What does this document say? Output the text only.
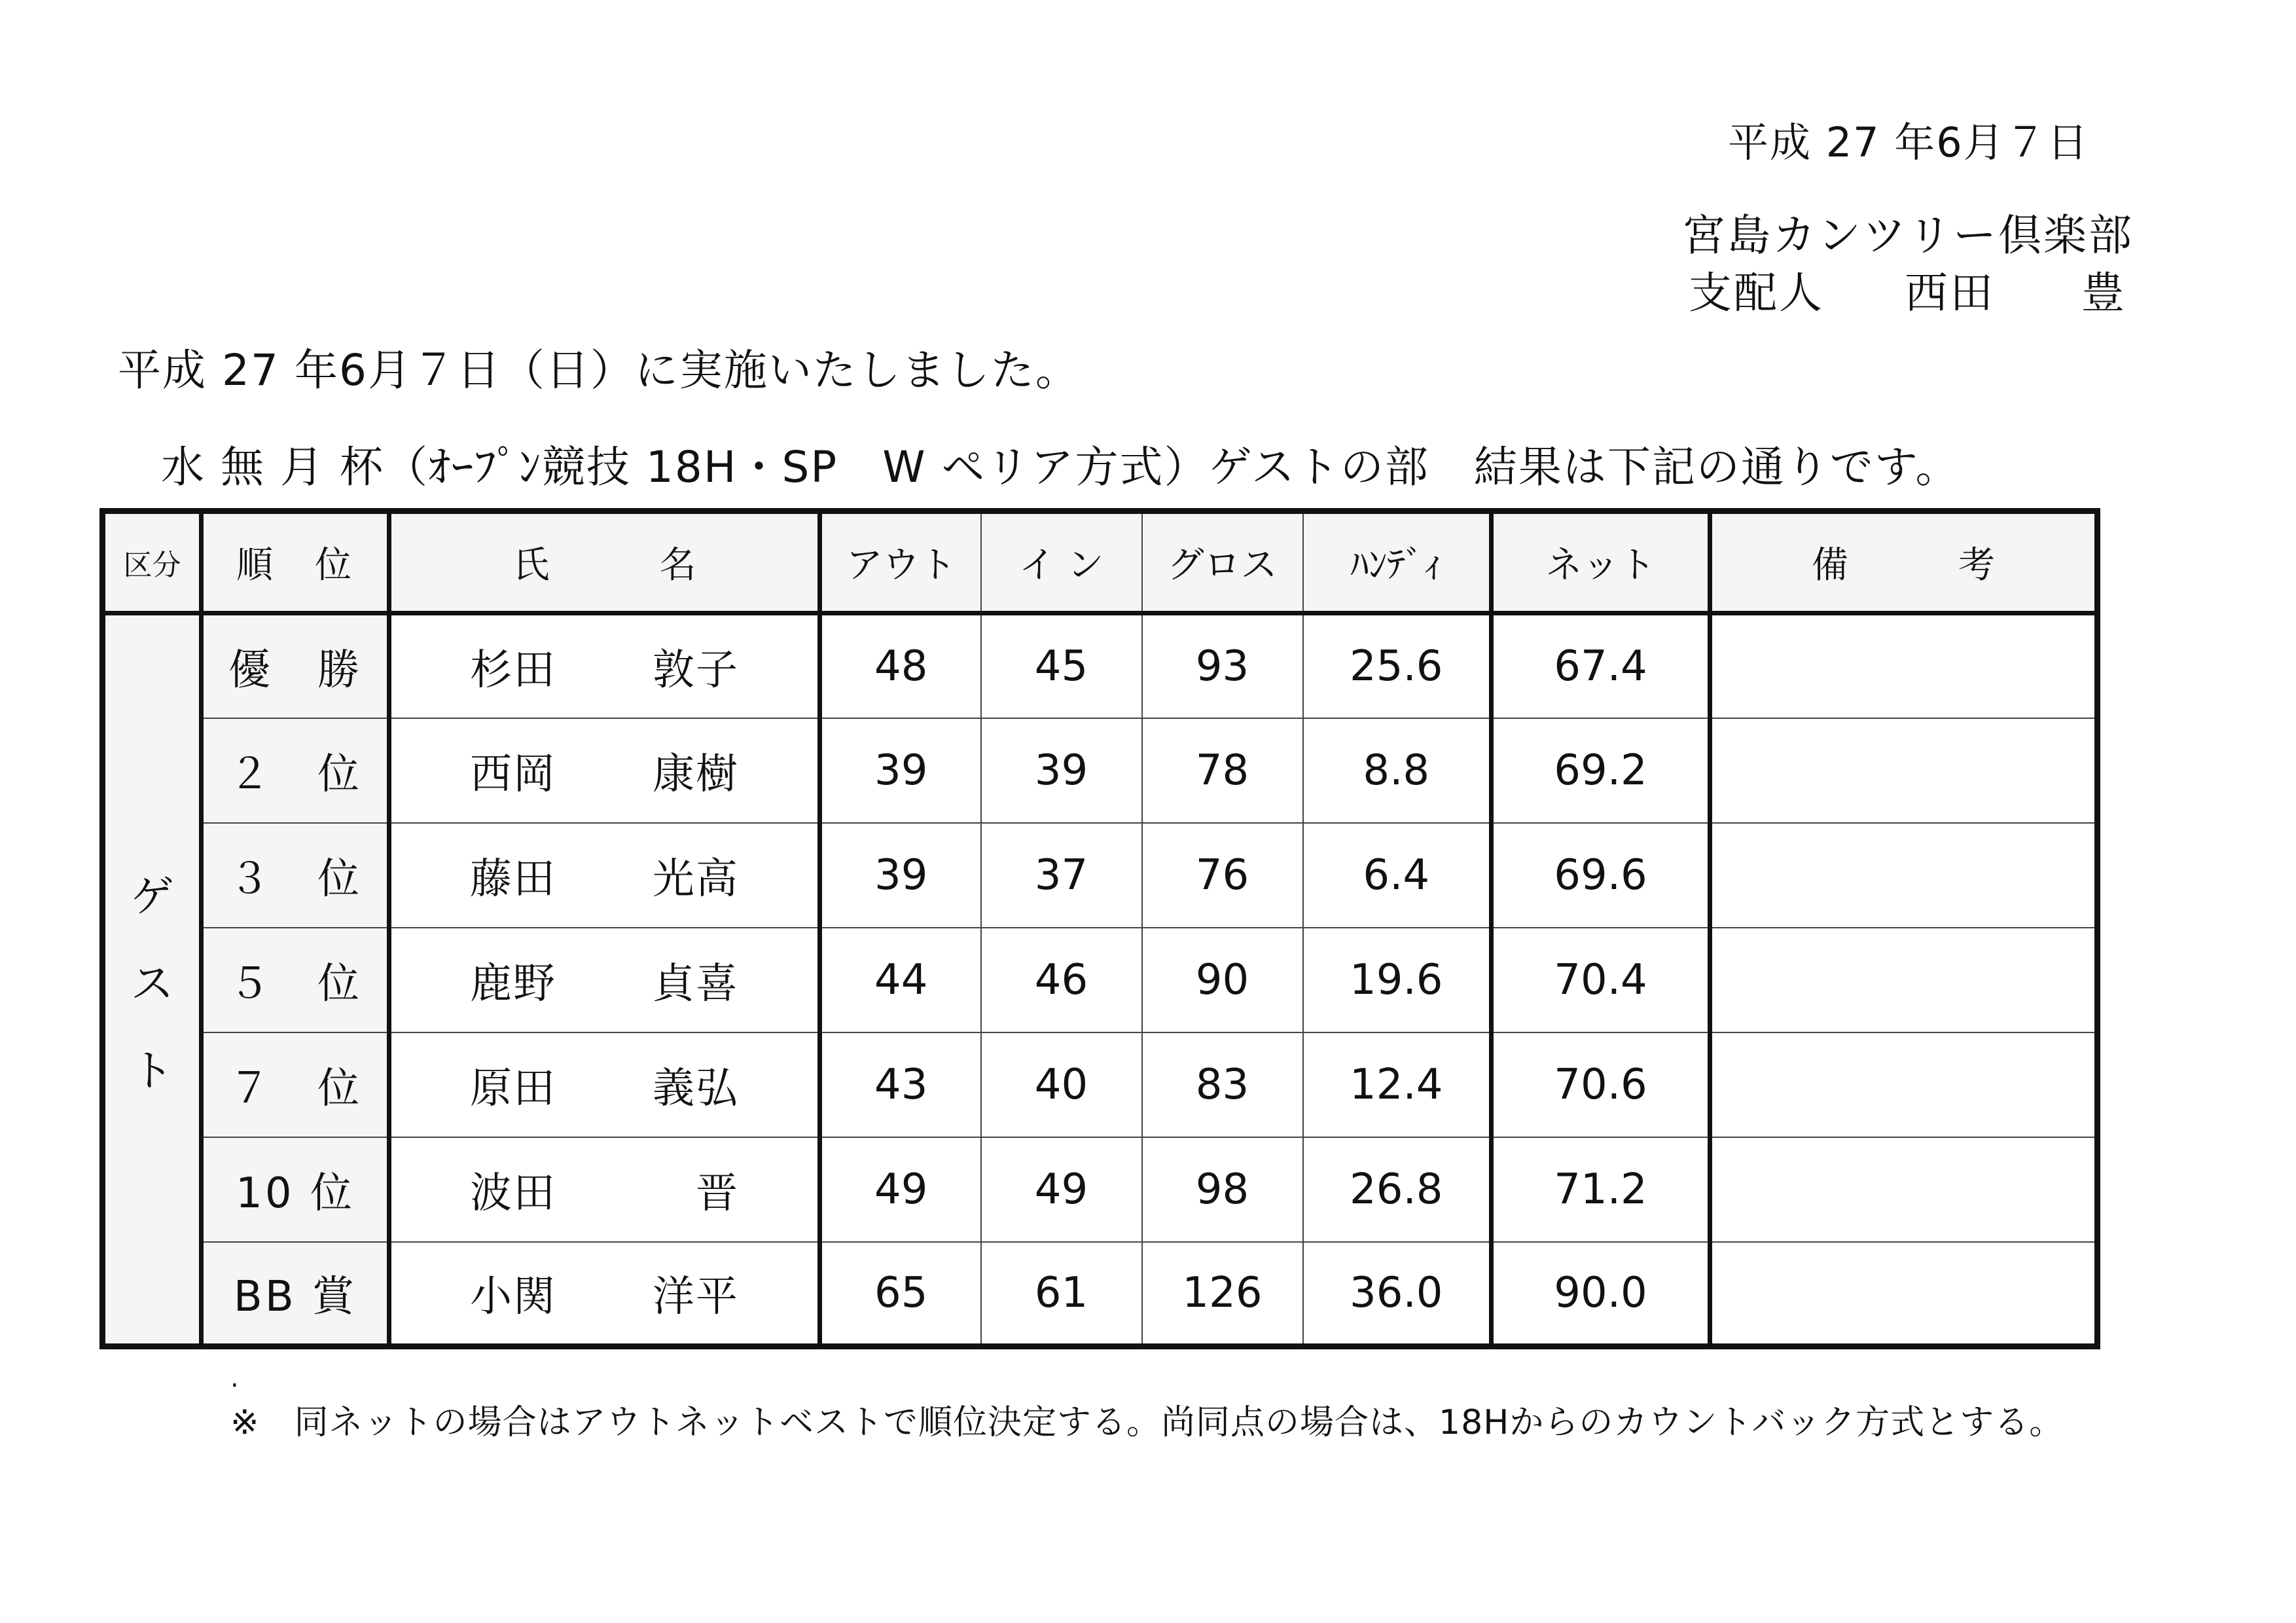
平成 27 年6月７日
宮島カンツリー倶楽部
支配人	西田	豊
平成 27 年6月７日（日）に実施いたしました。
水 無 月 杯（ｵｰﾌﾟﾝ競技 18H・SP　W ペリア方式）ゲストの部　結果は下記の通りです。
区分	順　位	氏　　　名	アウト	イ ン	グロス	ﾊﾝﾃﾞｨ	ネット	備　　　考

ゲ
ス
ト	優　勝	杉田 敦子	48	45	93	25.6	67.4	
	２　位	西岡 康樹	39	39	78	8.8	69.2	
	３　位	藤田 光高	39	37	76	6.4	69.6	
	５　位	鹿野 貞喜	44	46	90	19.6	70.4	
	７　位	原田 義弘	43	40	83	12.4	70.6	
	10 位	波田 晋	49	49	98	26.8	71.2	
	BB 賞	小関 洋平	65	61	126	36.0	90.0	
.
※　同ネットの場合はアウトネットベストで順位決定する。尚同点の場合は、18Hからのカウントバック方式とする。
